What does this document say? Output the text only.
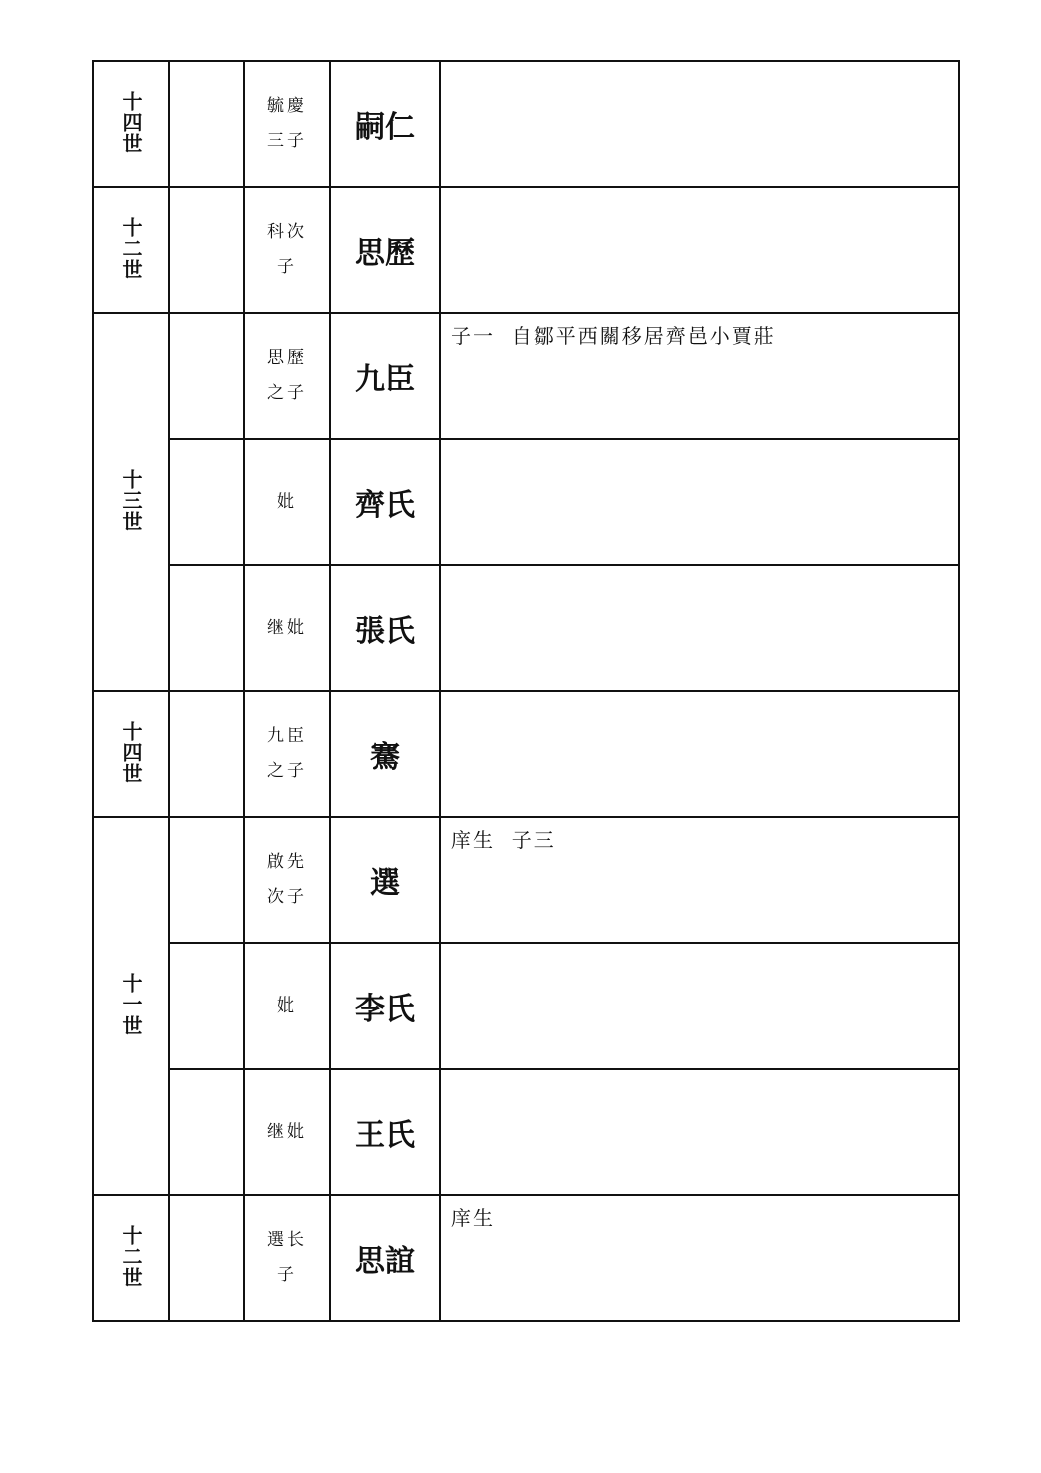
十四世		毓慶三子	嗣仁	
十二世		科次子	思歷	
十三世		思歷之子	九臣	子一  自鄒平西關移居齊邑小賈莊
		妣	齊氏	
		继妣	張氏	
十四世		九臣之子	騫	
十一世		啟先次子	選	庠生  子三
		妣	李氏	
		继妣	王氏	
十二世		選长子	思誼	庠生
